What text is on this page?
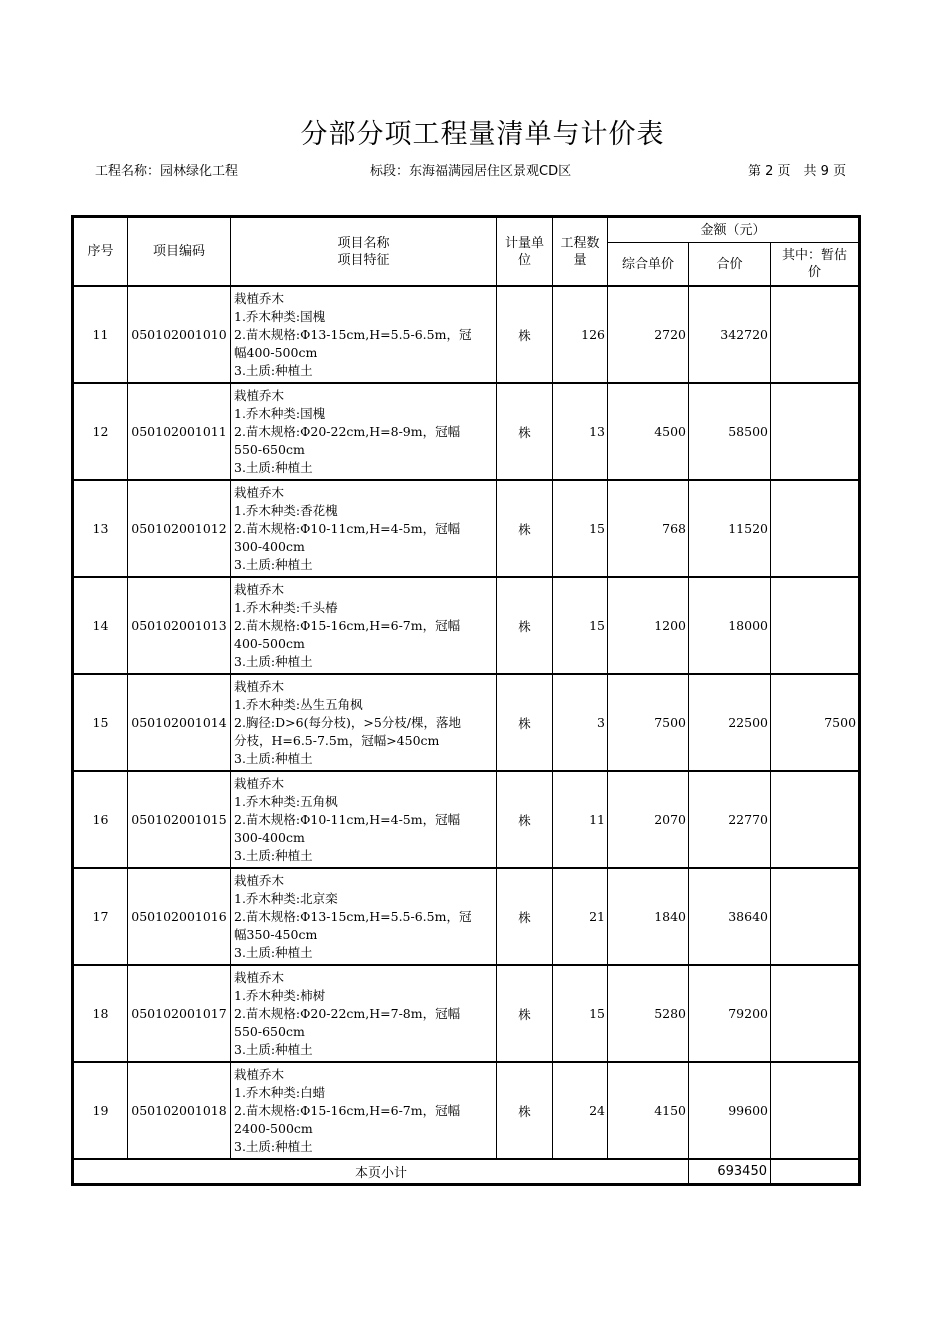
分部分项工程量清单与计价表
工程名称：园林绿化工程	标段：东海福满园居住区景观CD区	第 2 页　共 9 页
序号	项目编码	项目名称
项目特征	计量单位	工程数量	金额（元）		
					综合单价	合价	其中：暂估价
11	050102001010	栽植乔木
1.乔木种类:国槐
2.苗木规格:Φ13-15cm,H=5.5-6.5m，冠
幅400-500cm
3.土质:种植土	株	126	2720	342720	
12	050102001011	栽植乔木
1.乔木种类:国槐
2.苗木规格:Φ20-22cm,H=8-9m，冠幅
550-650cm
3.土质:种植土	株	13	4500	58500	
13	050102001012	栽植乔木
1.乔木种类:香花槐
2.苗木规格:Φ10-11cm,H=4-5m，冠幅
300-400cm
3.土质:种植土	株	15	768	11520	
14	050102001013	栽植乔木
1.乔木种类:千头椿
2.苗木规格:Φ15-16cm,H=6-7m，冠幅
400-500cm
3.土质:种植土	株	15	1200	18000	
15	050102001014	栽植乔木
1.乔木种类:丛生五角枫
2.胸径:D>6(每分枝)，>5分枝/棵，落地
分枝，H=6.5-7.5m，冠幅>450cm
3.土质:种植土	株	3	7500	22500	7500
16	050102001015	栽植乔木
1.乔木种类:五角枫
2.苗木规格:Φ10-11cm,H=4-5m，冠幅
300-400cm
3.土质:种植土	株	11	2070	22770	
17	050102001016	栽植乔木
1.乔木种类:北京栾
2.苗木规格:Φ13-15cm,H=5.5-6.5m，冠
幅350-450cm
3.土质:种植土	株	21	1840	38640	
18	050102001017	栽植乔木
1.乔木种类:柿树
2.苗木规格:Φ20-22cm,H=7-8m，冠幅
550-650cm
3.土质:种植土	株	15	5280	79200	
19	050102001018	栽植乔木
1.乔木种类:白蜡
2.苗木规格:Φ15-16cm,H=6-7m，冠幅
2400-500cm
3.土质:种植土	株	24	4150	99600	
本页小计						693450	
